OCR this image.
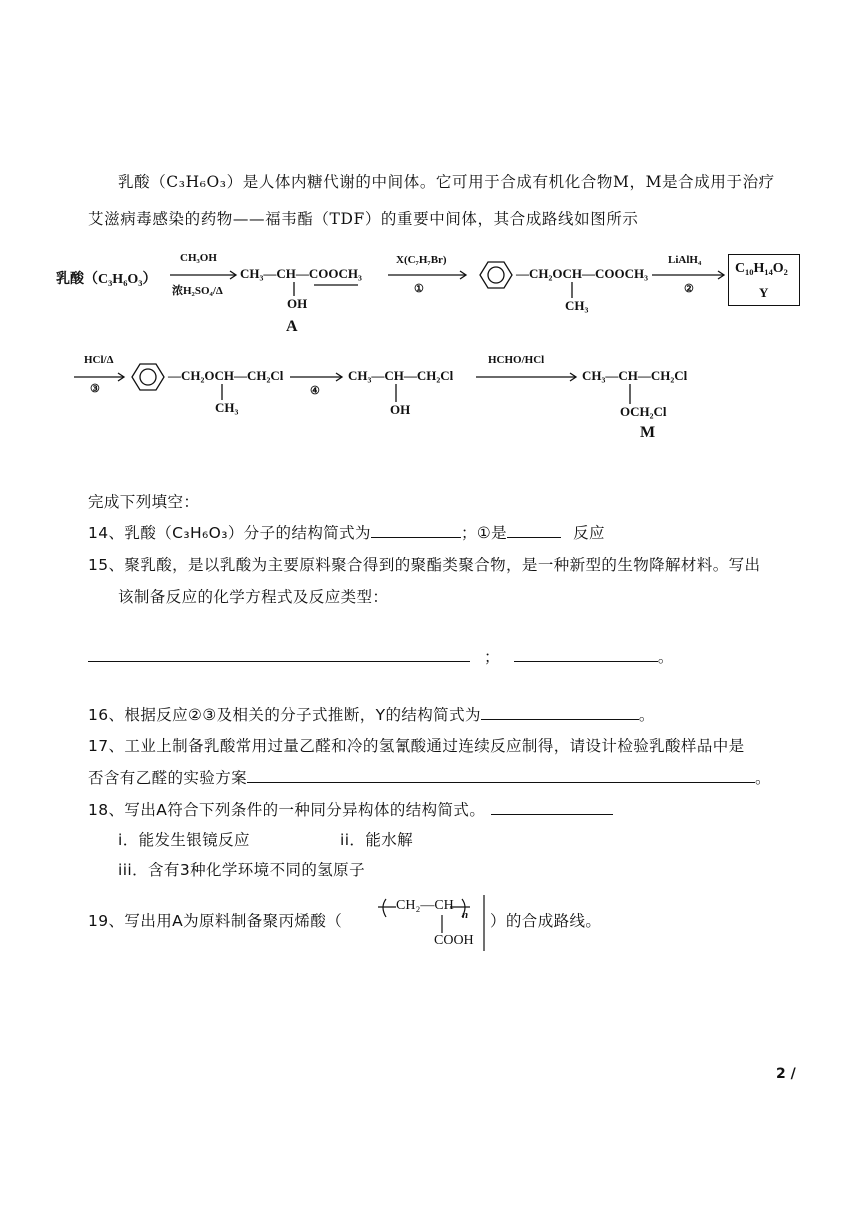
乳酸（C₃H₆O₃）是人体内糖代谢的中间体。它可用于合成有机化合物M，M是合成用于治疗
艾滋病毒感染的药物——福韦酯（TDF）的重要中间体，其合成路线如图所示
乳酸（C₃H₆O₃）
CH₃OH
浓H₂SO₄/Δ
CH₃—CH—COOCH₃
OH
A
X(C₇H₇Br)
①
—CH₂OCH—COOCH₃
CH₃
LiAlH₄
②
C₁₀H₁₄O₂
Y
HCl/Δ
③
—CH₂OCH—CH₂Cl
CH₃
④
CH₃—CH—CH₂Cl
OH
HCHO/HCl
CH₃—CH—CH₂Cl
OCH₂Cl
M
完成下列填空：
14、乳酸（C₃H₆O₃）分子的结构简式为	；①是	反应
15、聚乳酸，是以乳酸为主要原料聚合得到的聚酯类聚合物，是一种新型的生物降解材料。写出
该制备反应的化学方程式及反应类型：
；	。
16、根据反应②③及相关的分子式推断，Y的结构简式为	。
17、工业上制备乳酸常用过量乙醛和冷的氢氰酸通过连续反应制得，请设计检验乳酸样品中是
否含有乙醛的实验方案	。
18、写出A符合下列条件的一种同分异构体的结构简式。
i．能发生银镜反应	ii．能水解
iii．含有3种化学环境不同的氢原子
19、写出用A为原料制备聚丙烯酸（
CH₂—CH
n
COOH
）的合成路线。
2 /
